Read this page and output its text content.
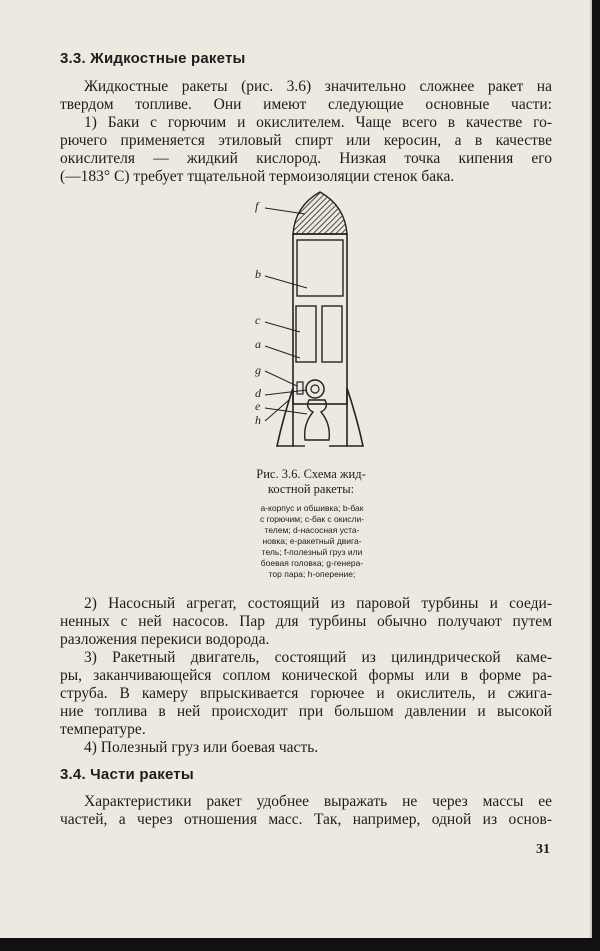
3.3. Жидкостные ракеты
Жидкостные ракеты (рис. 3.6) значительно сложнее ракет на
твердом топливе. Они имеют следующие основные части:
1) Баки с горючим и окислителем. Чаще всего в качестве го-
рючего применяется этиловый спирт или керосин, а в качестве
окислителя — жидкий кислород. Низкая точка кипения его
(—183° С) требует тщательной термоизоляции стенок бака.
f
b
c
a
g
d
e
h
Рис. 3.6. Схема жид-
костной ракеты:
a-корпус и обшивка; b-бак
с горючим; c-бак с окисли-
телем; d-насосная уста-
новка; e-ракетный двига-
тель; f-полезный груз или
боевая головка; g-генера-
тор пара; h-оперение;
2) Насосный агрегат, состоящий из паровой турбины и соеди-
ненных с ней насосов. Пар для турбины обычно получают путем
разложения перекиси водорода.
3) Ракетный двигатель, состоящий из цилиндрической каме-
ры, заканчивающейся соплом конической формы или в форме ра-
струба. В камеру впрыскивается горючее и окислитель, и сжига-
ние топлива в ней происходит при большом давлении и высокой
температуре.
4) Полезный груз или боевая часть.
3.4. Части ракеты
Характеристики ракет удобнее выражать не через массы ее
частей, а через отношения масс. Так, например, одной из основ-
31
